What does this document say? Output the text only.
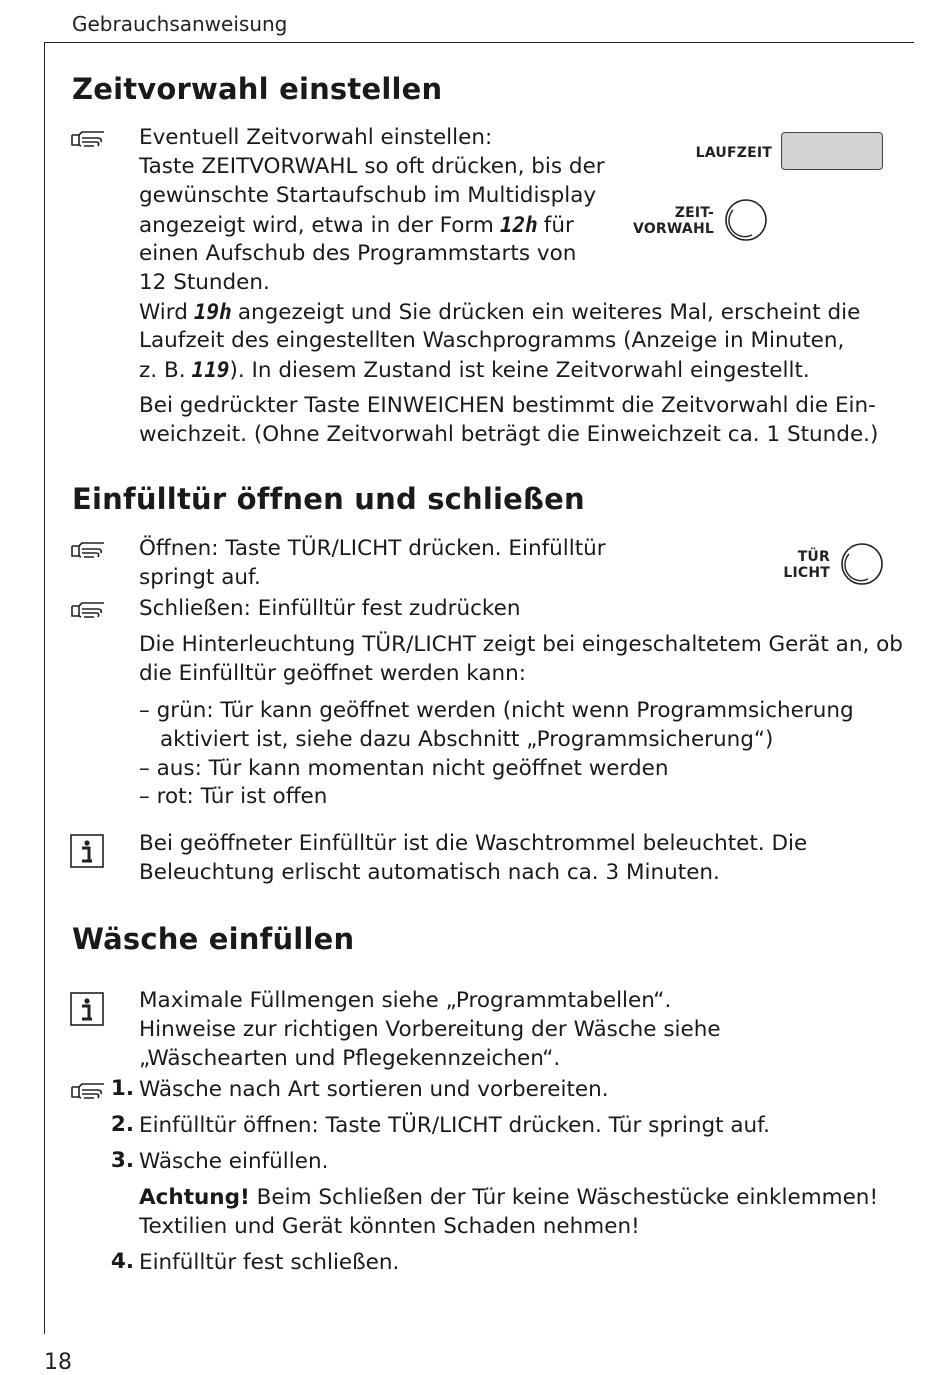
Gebrauchsanweisung
18
Zeitvorwahl einstellen
Eventuell Zeitvorwahl einstellen:
Taste ZEITVORWAHL so oft drücken, bis der
gewünschte Startaufschub im Multidisplay
angezeigt wird, etwa in der Form 12h für
einen Aufschub des Programmstarts von
12 Stunden.
Wird 19h angezeigt und Sie drücken ein weiteres Mal, erscheint die
Laufzeit des eingestellten Waschprogramms (Anzeige in Minuten,
z. B. 119). In diesem Zustand ist keine Zeitvorwahl eingestellt.
Bei gedrückter Taste EINWEICHEN bestimmt die Zeitvorwahl die Ein-
weichzeit. (Ohne Zeitvorwahl beträgt die Einweichzeit ca. 1 Stunde.)
LAUFZEIT
ZEIT-
VORWAHL
Einfülltür öffnen und schließen
Öffnen: Taste TÜR/LICHT drücken. Einfülltür
springt auf.
Schließen: Einfülltür fest zudrücken
Die Hinterleuchtung TÜR/LICHT zeigt bei eingeschaltetem Gerät an, ob
die Einfülltür geöffnet werden kann:
– grün: Tür kann geöffnet werden (nicht wenn Programmsicherung
aktiviert ist, siehe dazu Abschnitt „Programmsicherung“)
– aus: Tür kann momentan nicht geöffnet werden
– rot: Tür ist offen
Bei geöffneter Einfülltür ist die Waschtrommel beleuchtet. Die
Beleuchtung erlischt automatisch nach ca. 3 Minuten.
TÜR
LICHT
Wäsche einfüllen
Maximale Füllmengen siehe „Programmtabellen“.
Hinweise zur richtigen Vorbereitung der Wäsche siehe
„Wäschearten und Pflegekennzeichen“.
1. Wäsche nach Art sortieren und vorbereiten.
2. Einfülltür öffnen: Taste TÜR/LICHT drücken. Tür springt auf.
3. Wäsche einfüllen.
Achtung! Beim Schließen der Tür keine Wäschestücke einklemmen!
Textilien und Gerät könnten Schaden nehmen!
4. Einfülltür fest schließen.
